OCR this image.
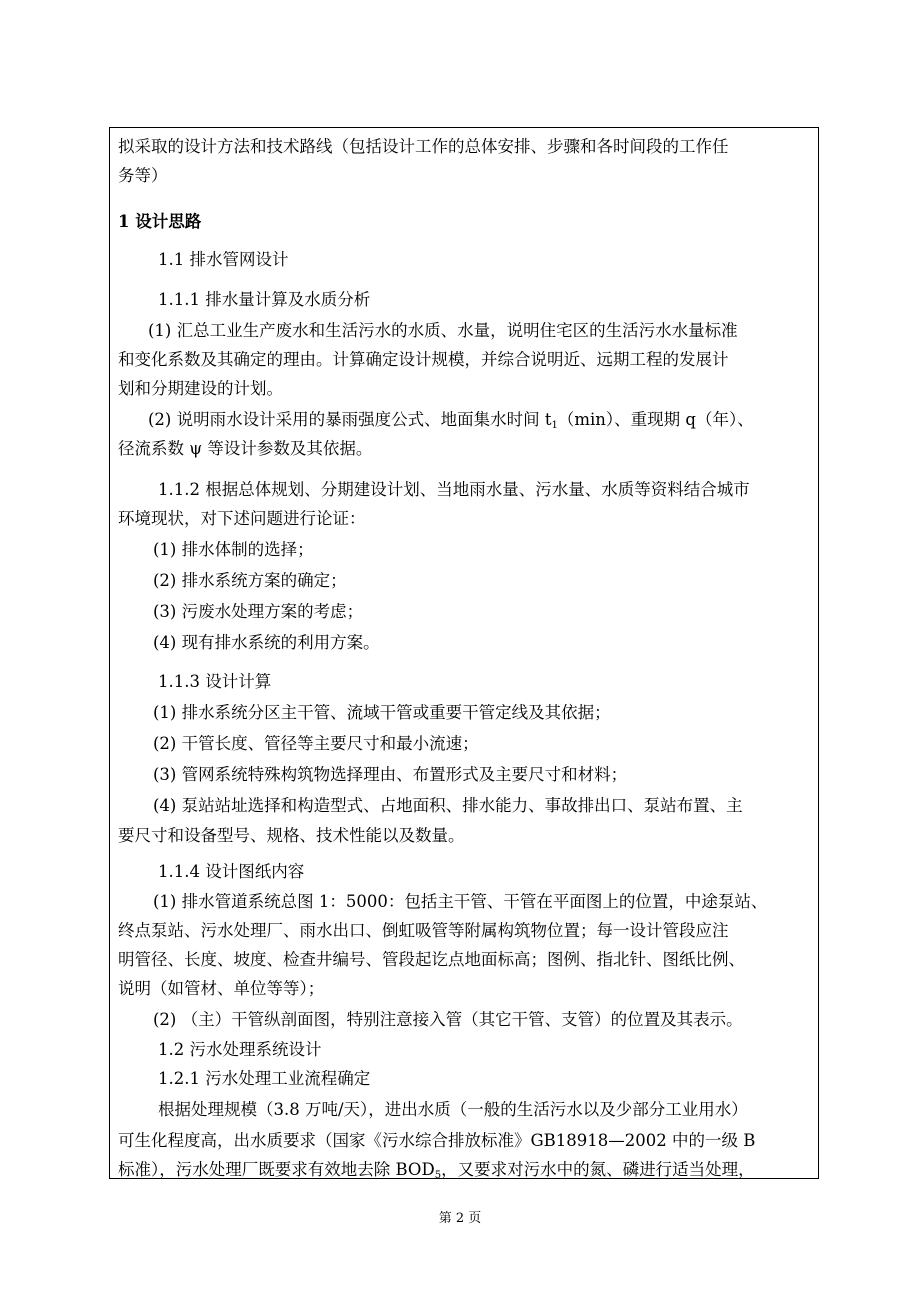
拟采取的设计方法和技术路线（包括设计工作的总体安排、步骤和各时间段的工作任
务等）
1 设计思路
1.1 排水管网设计
1.1.1 排水量计算及水质分析
(1) 汇总工业生产废水和生活污水的水质、水量，说明住宅区的生活污水水量标准
和变化系数及其确定的理由。计算确定设计规模，并综合说明近、远期工程的发展计
划和分期建设的计划。
(2) 说明雨水设计采用的暴雨强度公式、地面集水时间 $t_1(\min)$、重现期 q（年）、
径流系数 ψ 等设计参数及其依据。
1.1.2 根据总体规划、分期建设计划、当地雨水量、污水量、水质等资料结合城市
环境现状，对下述问题进行论证：
(1) 排水体制的选择；
(2) 排水系统方案的确定；
(3) 污废水处理方案的考虑；
(4) 现有排水系统的利用方案。
1.1.3 设计计算
(1) 排水系统分区主干管、流域干管或重要干管定线及其依据；
(2) 干管长度、管径等主要尺寸和最小流速；
(3) 管网系统特殊构筑物选择理由、布置形式及主要尺寸和材料；
(4) 泵站站址选择和构造型式、占地面积、排水能力、事故排出口、泵站布置、主
要尺寸和设备型号、规格、技术性能以及数量。
1.1.4 设计图纸内容
(1) 排水管道系统总图 1：5000：包括主干管、干管在平面图上的位置，中途泵站、
终点泵站、污水处理厂、雨水出口、倒虹吸管等附属构筑物位置；每一设计管段应注
明管径、长度、坡度、检查井编号、管段起讫点地面标高；图例、指北针、图纸比例、
说明（如管材、单位等等）；
(2) （主）干管纵剖面图，特别注意接入管（其它干管、支管）的位置及其表示。
1.2 污水处理系统设计
1.2.1 污水处理工业流程确定
根据处理规模（3.8 万吨/天），进出水质（一般的生活污水以及少部分工业用水）
可生化程度高，出水质要求（国家《污水综合排放标准》GB18918—2002 中的一级 B
标准），污水处理厂既要求有效地去除 $BOD_5$，又要求对污水中的氮、磷进行适当处理，
第 2 页
